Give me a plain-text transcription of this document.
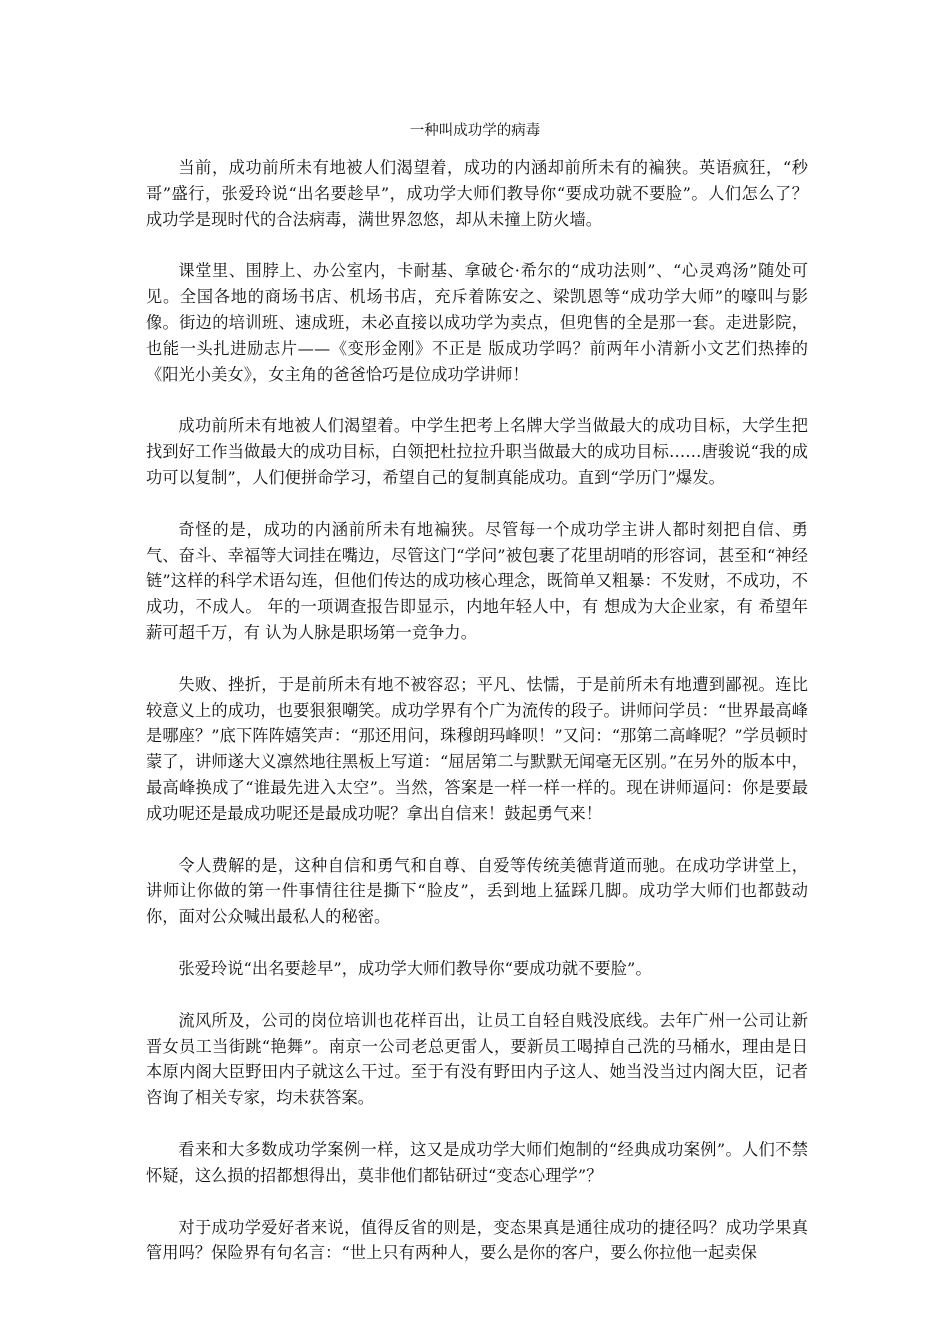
一种叫成功学的病毒

当前，成功前所未有地被人们渴望着，成功的内涵却前所未有的褊狭。英语疯狂，“秒哥”盛行，张爱玲说“出名要趁早”，成功学大师们教导你“要成功就不要脸”。人们怎么了？ 成功学是现时代的合法病毒，满世界忽悠，却从未撞上防火墙。

课堂里、围脖上、办公室内，卡耐基、拿破仑·希尔的“成功法则”、“心灵鸡汤”随处可见。全国各地的商场书店、机场书店，充斥着陈安之、梁凯恩等“成功学大师”的嚎叫与影像。街边的培训班、速成班，未必直接以成功学为卖点，但兜售的全是那一套。走进影院，也能一头扎进励志片——《变形金刚》不正是 版成功学吗？前两年小清新小文艺们热捧的《阳光小美女》，女主角的爸爸恰巧是位成功学讲师！

成功前所未有地被人们渴望着。中学生把考上名牌大学当做最大的成功目标，大学生把找到好工作当做最大的成功目标，白领把杜拉拉升职当做最大的成功目标……唐骏说“我的成功可以复制”，人们便拼命学习，希望自己的复制真能成功。直到“学历门”爆发。

奇怪的是，成功的内涵前所未有地褊狭。尽管每一个成功学主讲人都时刻把自信、勇气、奋斗、幸福等大词挂在嘴边，尽管这门“学问”被包裹了花里胡哨的形容词，甚至和“神经链”这样的科学术语勾连，但他们传达的成功核心理念，既简单又粗暴：不发财，不成功，不成功，不成人。 年的一项调查报告即显示，内地年轻人中，有 想成为大企业家，有 希望年薪可超千万，有 认为人脉是职场第一竞争力。

失败、挫折，于是前所未有地不被容忍；平凡、怯懦，于是前所未有地遭到鄙视。连比较意义上的成功，也要狠狠嘲笑。成功学界有个广为流传的段子。讲师问学员：“世界最高峰是哪座？”底下阵阵嬉笑声：“那还用问，珠穆朗玛峰呗！”又问：“那第二高峰呢？”学员顿时蒙了，讲师遂大义凛然地往黑板上写道：“屈居第二与默默无闻毫无区别。”在另外的版本中，最高峰换成了“谁最先进入太空”。当然，答案是一样一样一样的。现在讲师逼问：你是要最成功呢还是最成功呢还是最成功呢？拿出自信来！鼓起勇气来！

令人费解的是，这种自信和勇气和自尊、自爱等传统美德背道而驰。在成功学讲堂上，讲师让你做的第一件事情往往是撕下“脸皮”，丢到地上猛踩几脚。成功学大师们也都鼓动你，面对公众喊出最私人的秘密。

张爱玲说“出名要趁早”，成功学大师们教导你“要成功就不要脸”。

流风所及，公司的岗位培训也花样百出，让员工自轻自贱没底线。去年广州一公司让新晋女员工当街跳“艳舞”。南京一公司老总更雷人，要新员工喝掉自己洗的马桶水，理由是日本原内阁大臣野田内子就这么干过。至于有没有野田内子这人、她当没当过内阁大臣，记者咨询了相关专家，均未获答案。

看来和大多数成功学案例一样，这又是成功学大师们炮制的“经典成功案例”。人们不禁怀疑，这么损的招都想得出，莫非他们都钻研过“变态心理学”？

对于成功学爱好者来说，值得反省的则是，变态果真是通往成功的捷径吗？成功学果真管用吗？保险界有句名言：“世上只有两种人，要么是你的客户，要么你拉他一起卖保
